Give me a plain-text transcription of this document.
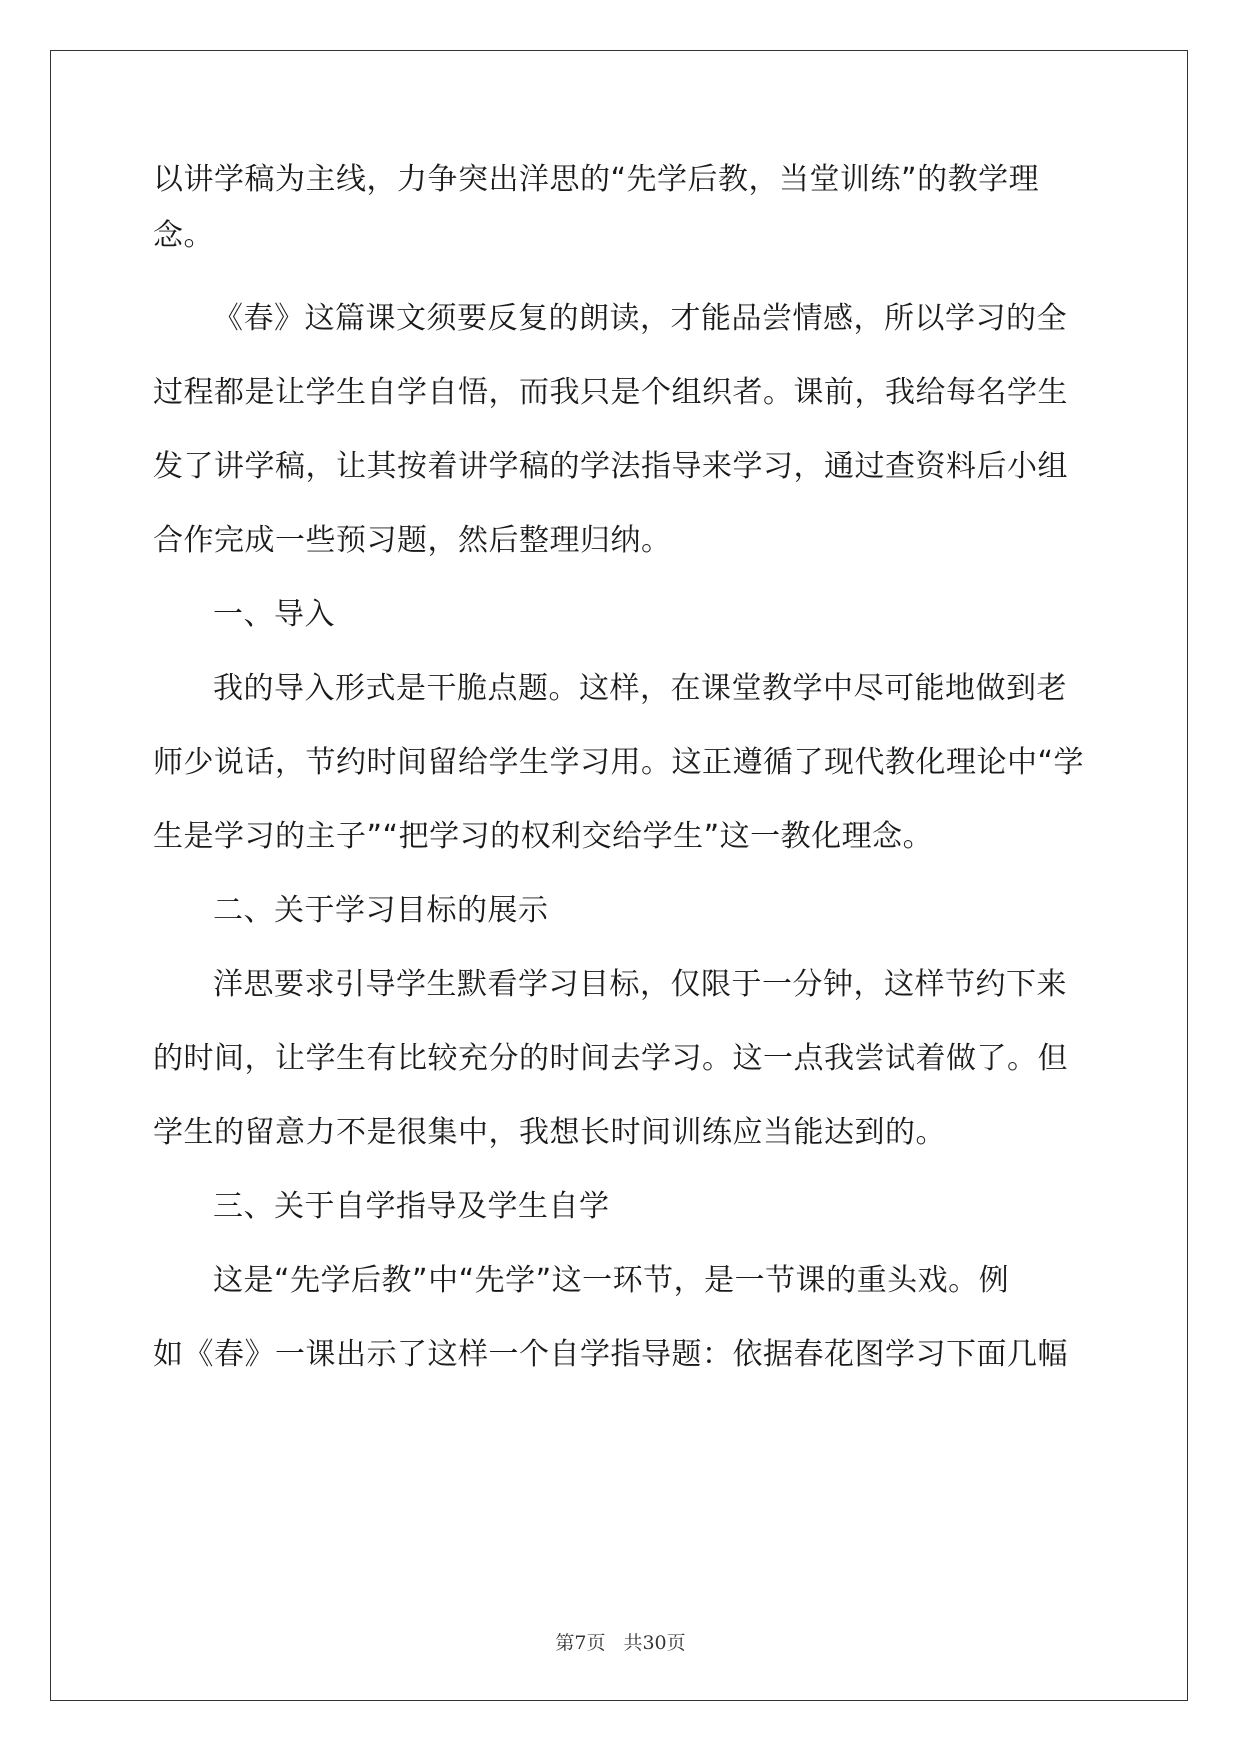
以讲学稿为主线，力争突出洋思的“先学后教，当堂训练”的教学理
念。
《春》这篇课文须要反复的朗读，才能品尝情感，所以学习的全
过程都是让学生自学自悟，而我只是个组织者。课前，我给每名学生
发了讲学稿，让其按着讲学稿的学法指导来学习，通过查资料后小组
合作完成一些预习题，然后整理归纳。
一、导入
我的导入形式是干脆点题。这样，在课堂教学中尽可能地做到老
师少说话，节约时间留给学生学习用。这正遵循了现代教化理论中“学
生是学习的主子”“把学习的权利交给学生”这一教化理念。
二、关于学习目标的展示
洋思要求引导学生默看学习目标，仅限于一分钟，这样节约下来
的时间，让学生有比较充分的时间去学习。这一点我尝试着做了。但
学生的留意力不是很集中，我想长时间训练应当能达到的。
三、关于自学指导及学生自学
这是“先学后教”中“先学”这一环节，是一节课的重头戏。例
如《春》一课出示了这样一个自学指导题：依据春花图学习下面几幅
第7页 共30页
